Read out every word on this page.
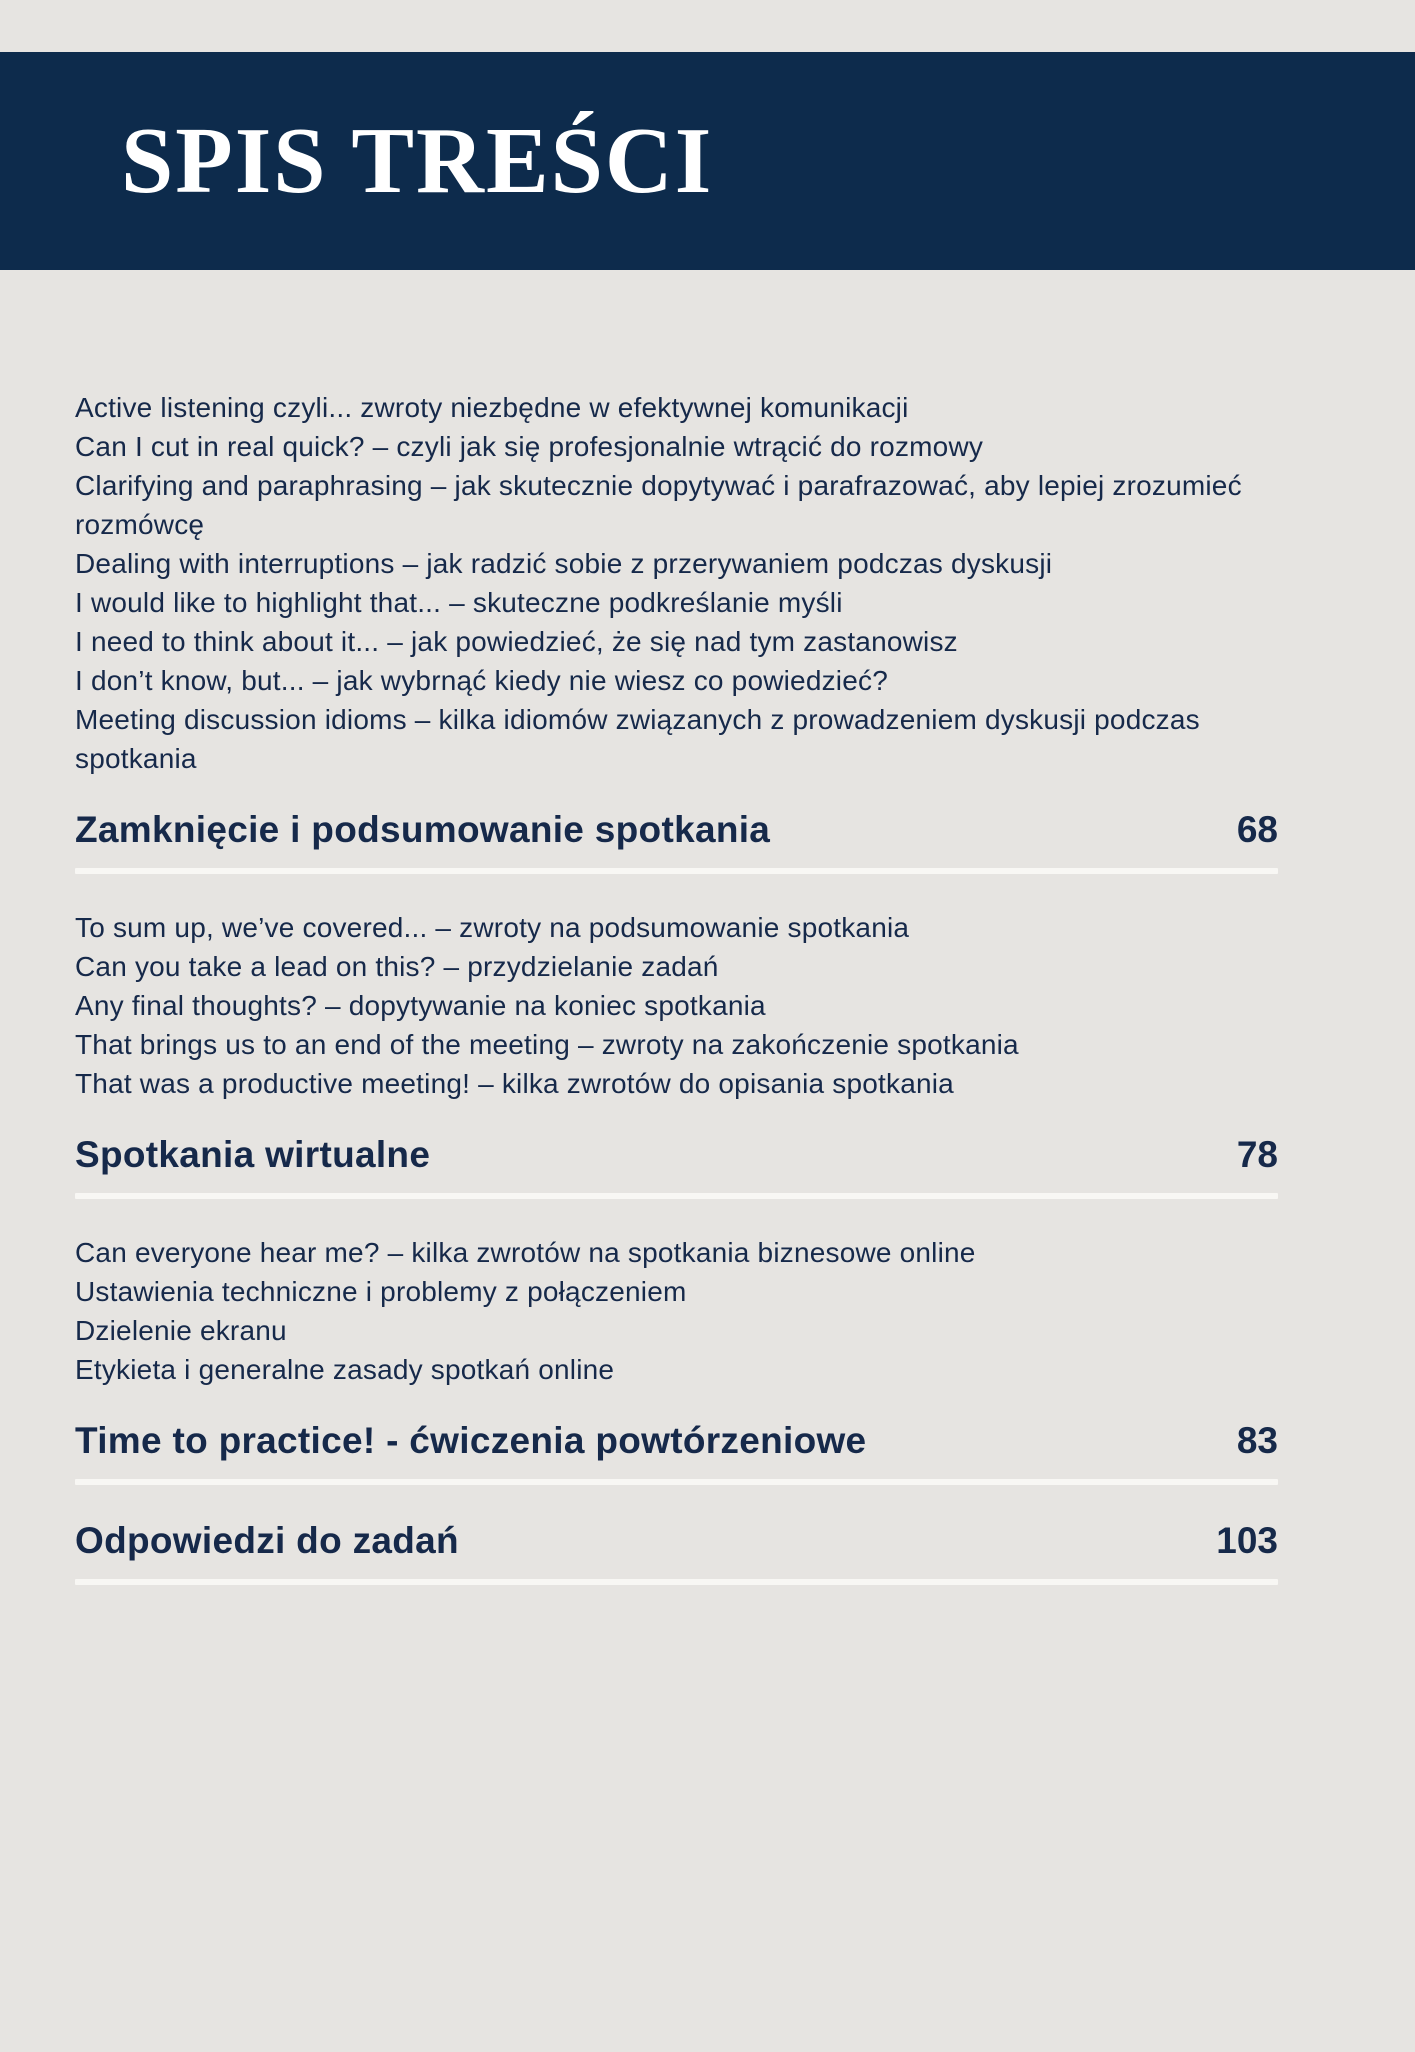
SPIS TREŚCI

Active listening czyli... zwroty niezbędne w efektywnej komunikacji

Can I cut in real quick? – czyli jak się profesjonalnie wtrącić do rozmowy

Clarifying and paraphrasing – jak skutecznie dopytywać i parafrazować, aby lepiej zrozumieć rozmówcę

Dealing with interruptions – jak radzić sobie z przerywaniem podczas dyskusji

I would like to highlight that... – skuteczne podkreślanie myśli

I need to think about it... – jak powiedzieć, że się nad tym zastanowisz

I don’t know, but... – jak wybrnąć kiedy nie wiesz co powiedzieć?

Meeting discussion idioms – kilka idiomów związanych z prowadzeniem dyskusji podczas spotkania

Zamknięcie i podsumowanie spotkania	68

To sum up, we’ve covered... – zwroty na podsumowanie spotkania

Can you take a lead on this? – przydzielanie zadań

Any final thoughts? – dopytywanie na koniec spotkania

That brings us to an end of the meeting – zwroty na zakończenie spotkania

That was a productive meeting! – kilka zwrotów do opisania spotkania

Spotkania wirtualne	78

Can everyone hear me? – kilka zwrotów na spotkania biznesowe online

Ustawienia techniczne i problemy z połączeniem

Dzielenie ekranu

Etykieta i generalne zasady spotkań online

Time to practice! - ćwiczenia powtórzeniowe	83
Odpowiedzi do zadań	103
